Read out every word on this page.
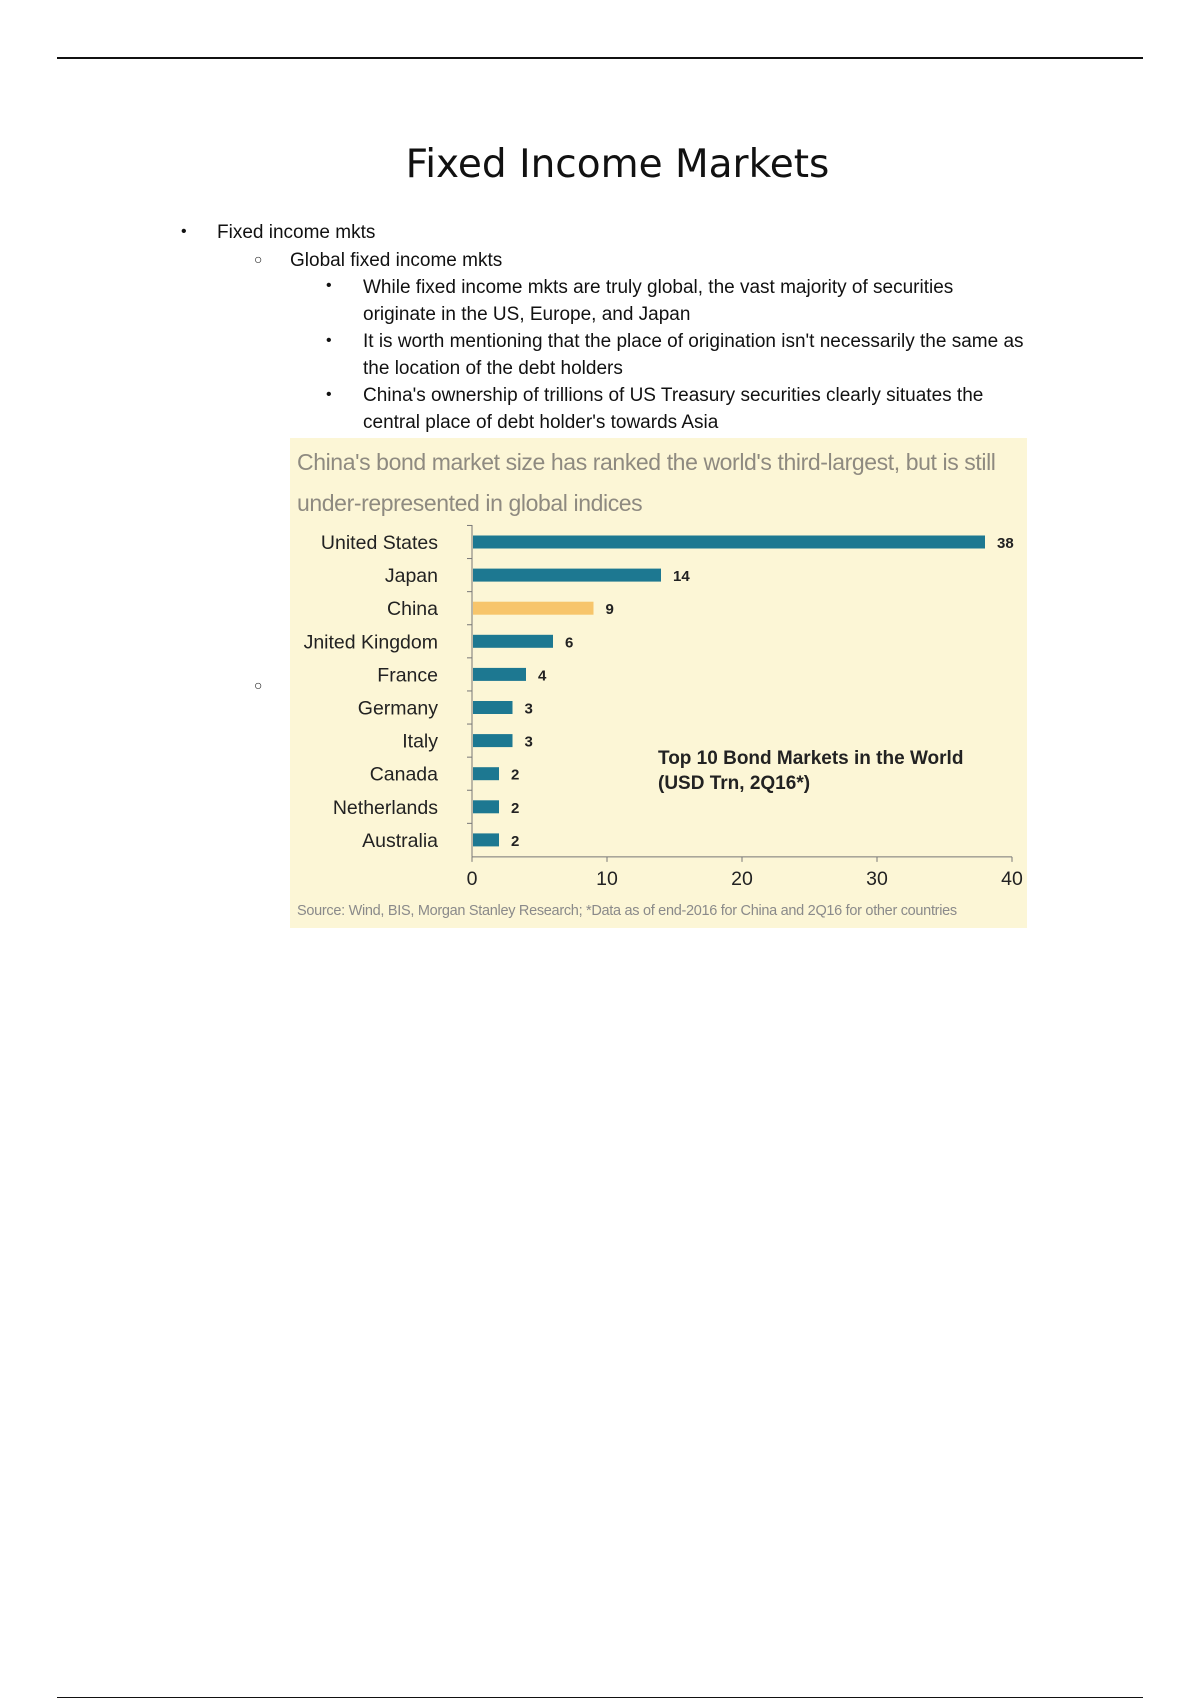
Fixed Income Markets
• Fixed income mkts
○ Global fixed income mkts
• While fixed income mkts are truly global, the vast majority of securities
originate in the US, Europe, and Japan
• It is worth mentioning that the place of origination isn't necessarily the same as
the location of the debt holders
• China's ownership of trillions of US Treasury securities clearly situates the
central place of debt holder's towards Asia
○
China's bond market size has ranked the world's third-largest, but is still
under-represented in global indices
United States	38
Japan	14
China	9
Jnited Kingdom	6
France	4
Germany	3
Italy	3
Canada	2
Netherlands	2
Australia	2
0	10	20	30	40
Top 10 Bond Markets in the World
(USD Trn, 2Q16*)
Source: Wind, BIS, Morgan Stanley Research; *Data as of end-2016 for China and 2Q16 for other countries
